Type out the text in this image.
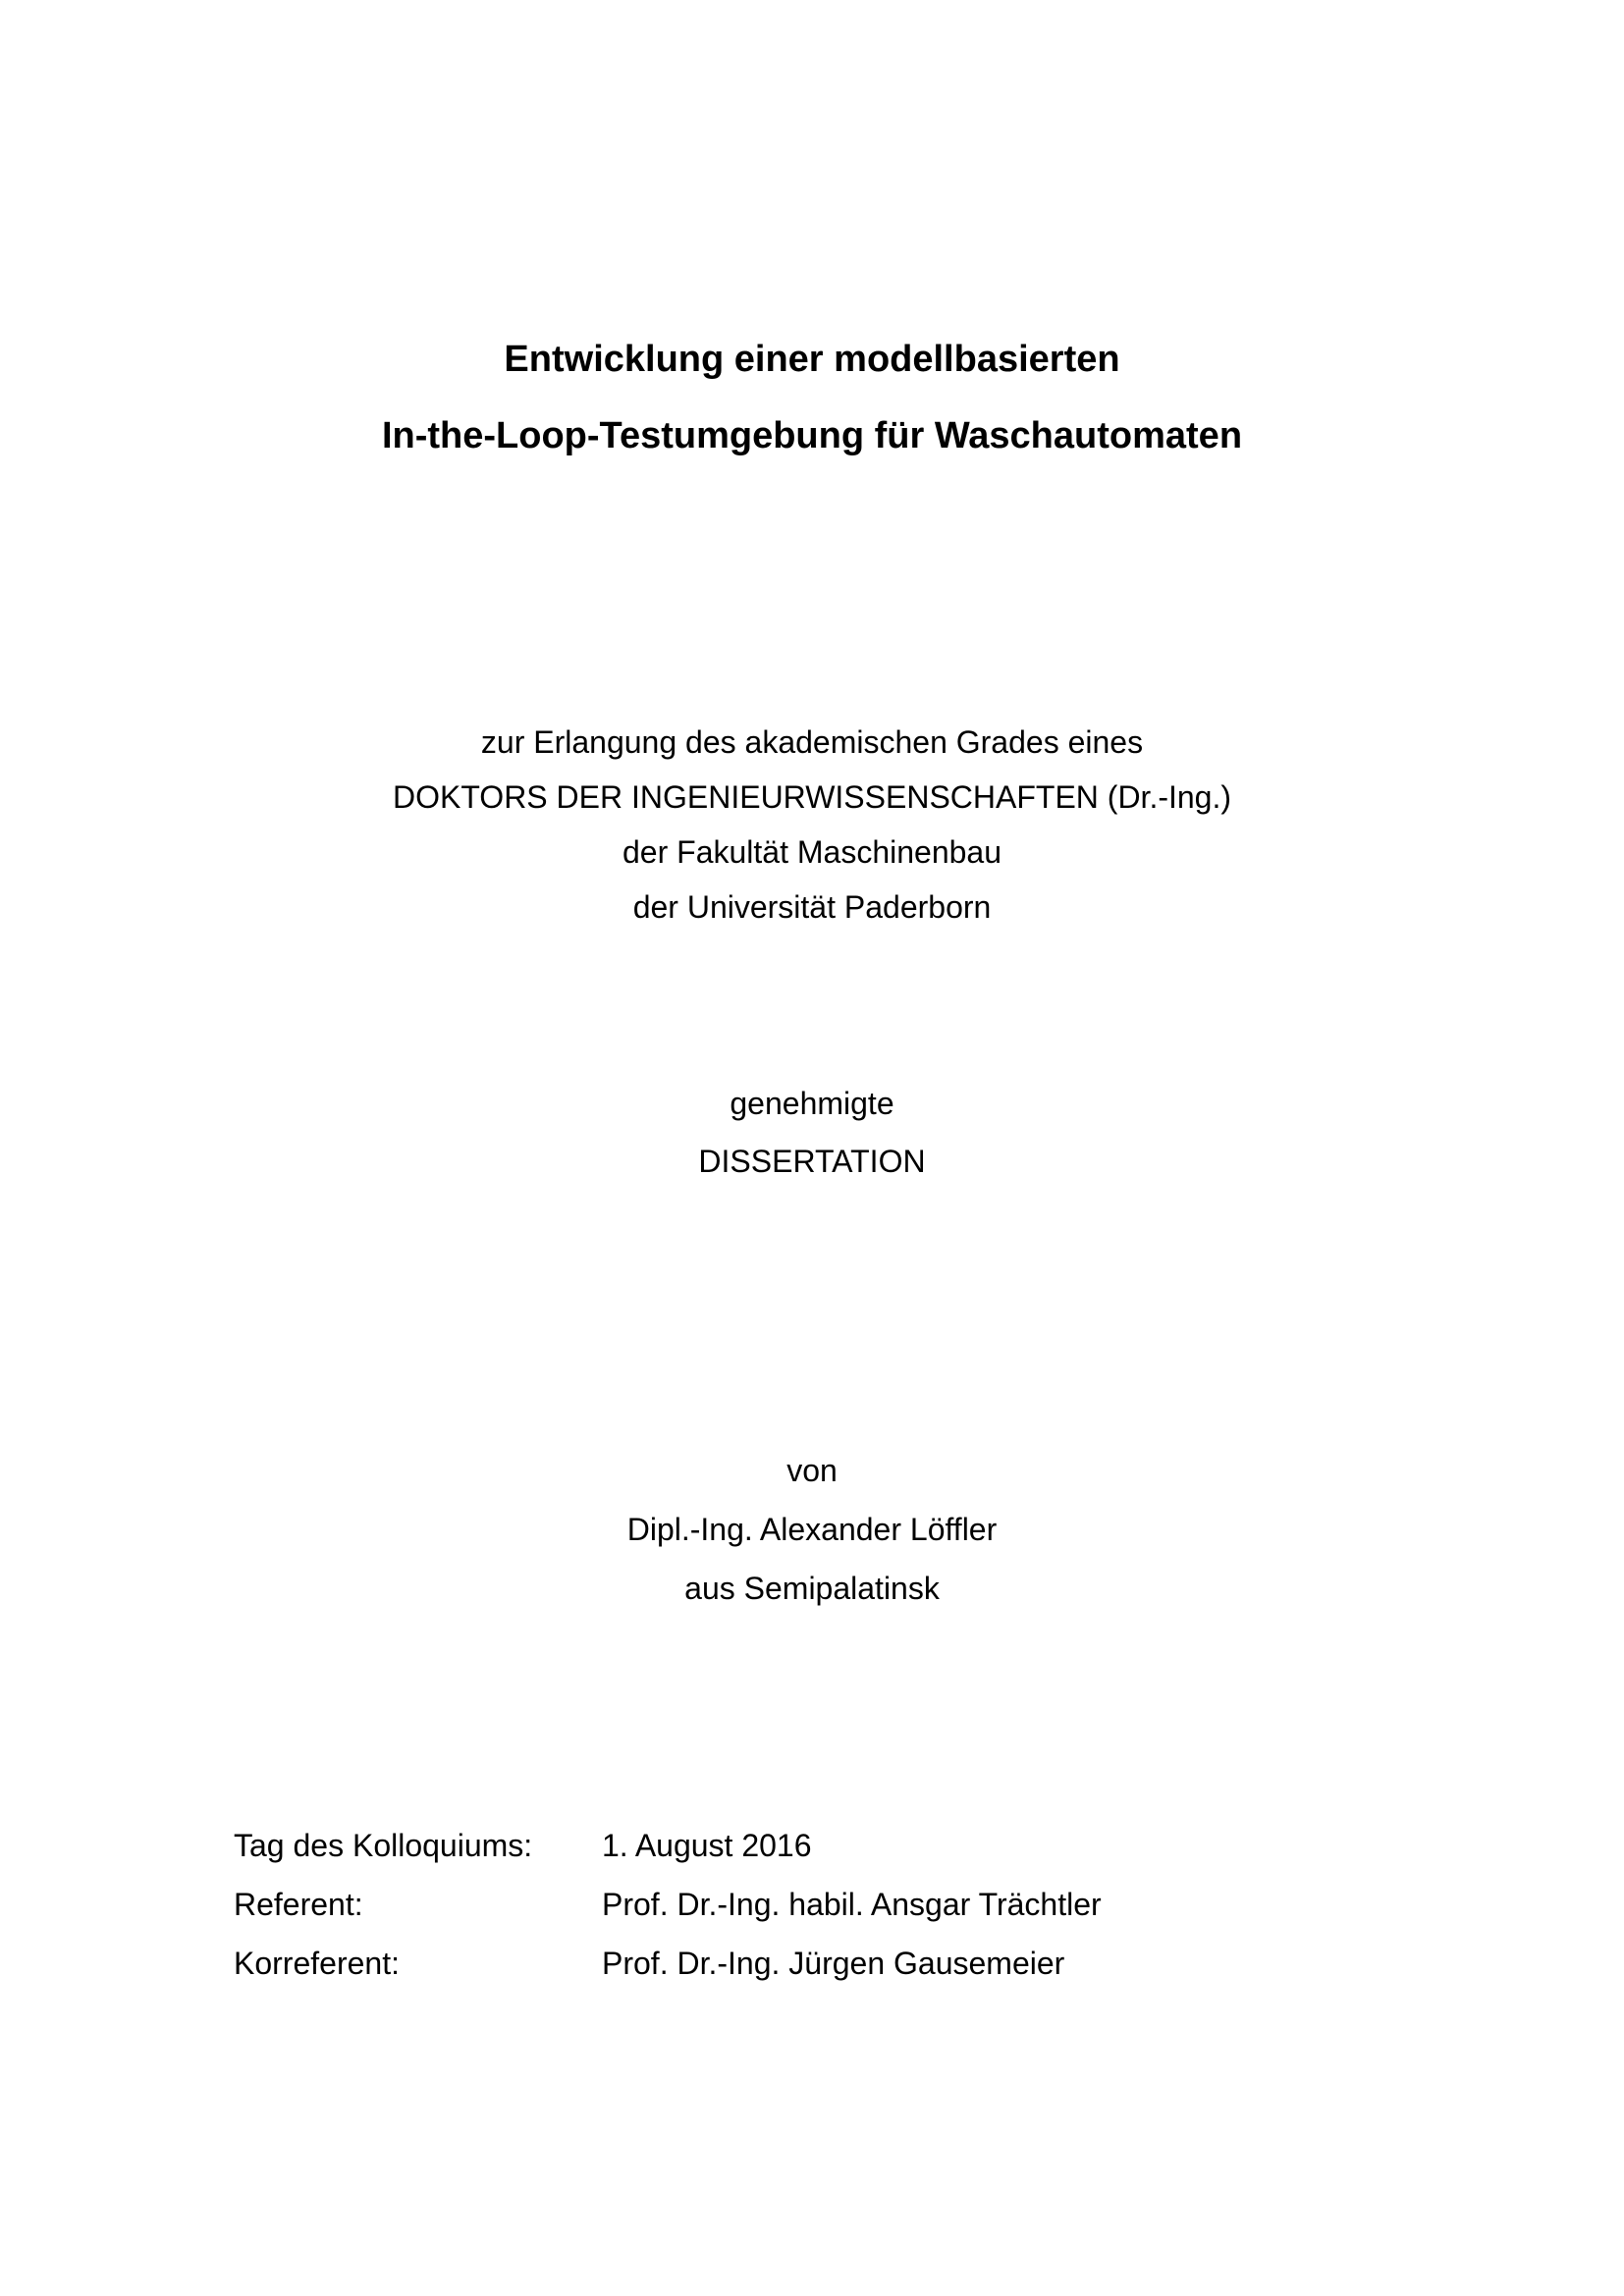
Entwicklung einer modellbasierten
In-the-Loop-Testumgebung für Waschautomaten
zur Erlangung des akademischen Grades eines
DOKTORS DER INGENIEURWISSENSCHAFTEN (Dr.-Ing.)
der Fakultät Maschinenbau
der Universität Paderborn
genehmigte
DISSERTATION
von
Dipl.-Ing. Alexander Löffler
aus Semipalatinsk
Tag des Kolloquiums: 1. August 2016
Referent:	Prof. Dr.-Ing. habil. Ansgar Trächtler
Korreferent:	Prof. Dr.-Ing. Jürgen Gausemeier
